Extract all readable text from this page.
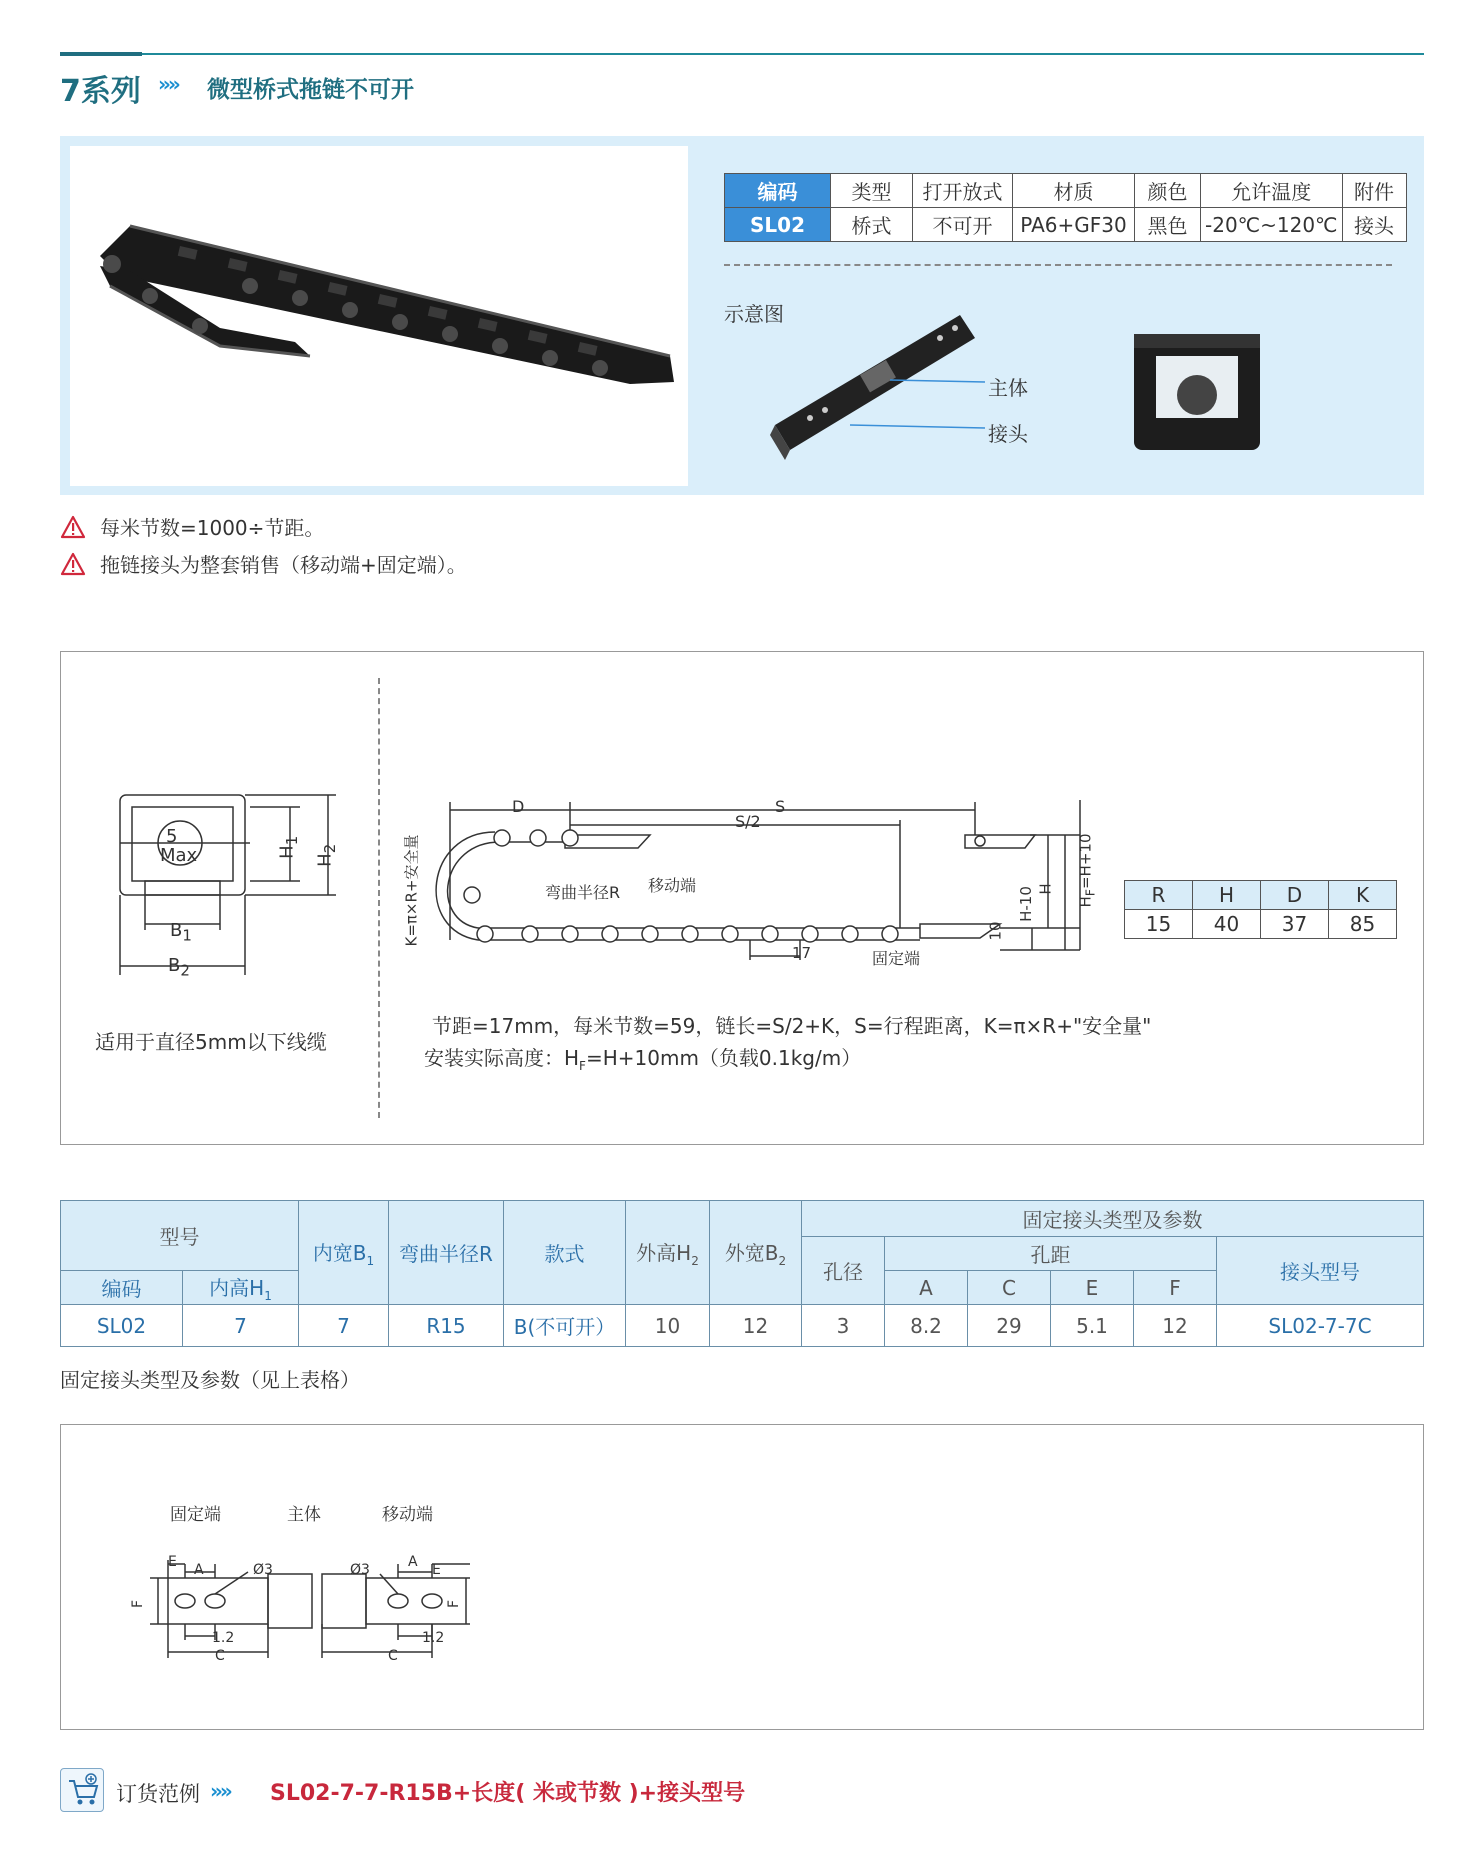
7系列 »» 微型桥式拖链不可开
编码	类型	打开放式	材质	颜色	允许温度	附件
SL02	桥式	不可开	PA6+GF30	黑色	-20℃~120℃	接头
示意图
主体
接头
每米节数=1000÷节距。
拖链接头为整套销售（移动端+固定端）。
5
Max	$H_1$
$H_2$
$B_1$
$B_2$
适用于直径5mm以下线缆
D	S
S/2
K=π×R+安全量	弯曲半径R 移动端
固定端
17
10
H-10 H
$H_F=H+10$
R	H	D	K
15	40	37	85
节距=17mm，每米节数=59，链长=S/2+K，S=行程距离，K=π×R+"安全量"
安装实际高度：$H_F=H+10mm$（负载0.1kg/m）
型号		内宽$B_1$	弯曲半径R	款式	外高$H_2$	外宽$B_2$	固定接头类型及参数					
							孔径	孔距				接头型号
编码	内高$H_1$							A	C	E	F	
SL02	7	7	R15	B(不可开）	10	12	3	8.2	29	5.1	12	SL02-7-7C
固定接头类型及参数（见上表格）
固定端	主体	移动端
E A	Ø3
F
1.2
C
A E
Ø3
F
1.2
C
订货范例 »» SL02-7-7-R15B+长度( 米或节数 )+接头型号
